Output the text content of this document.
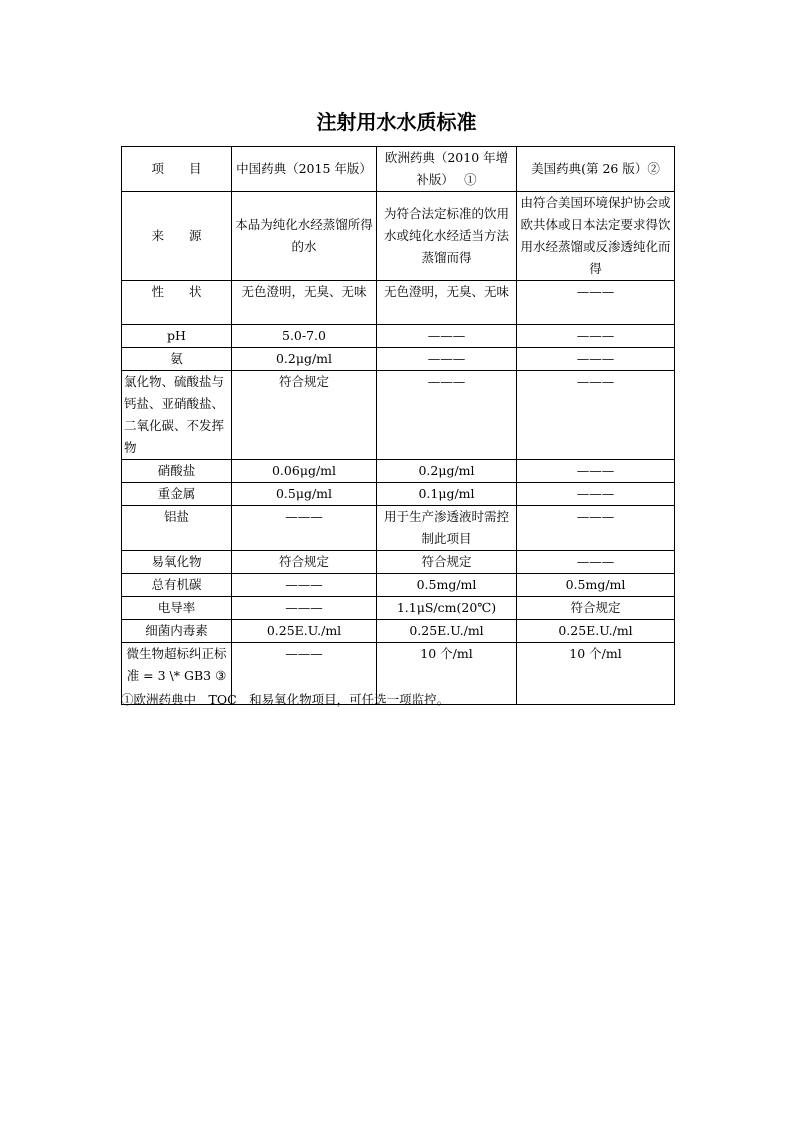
注射用水水质标准
项　　目	中国药典（2015 年版）	欧洲药典（2010 年增补版）　 ①	美国药典(第 26 版）②
来　　源	本品为纯化水经蒸馏所得的水	为符合法定标准的饮用水或纯化水经适当方法蒸馏而得	由符合美国环境保护协会或欧共体或日本法定要求得饮用水经蒸馏或反渗透纯化而得
性　　状	无色澄明，无臭、无味	无色澄明，无臭、无味	———
pH	5.0-7.0	———	———
氨	0.2μg/ml	———	———
氯化物、硫酸盐与钙盐、亚硝酸盐、二氧化碳、不发挥物	符合规定	———	———
硝酸盐	0.06μg/ml	0.2μg/ml	———
重金属	0.5μg/ml	0.1μg/ml	———
铝盐	———	用于生产渗透液时需控制此项目	———
易氧化物	符合规定	符合规定	———
总有机碳	———	0.5mg/ml	0.5mg/ml
电导率	———	1.1μS/cm(20℃)	符合规定
细菌内毒素	0.25E.U./ml	0.25E.U./ml	0.25E.U./ml
微生物超标纠正标准 = 3 \* GB3 ③	———	10 个/ml	10 个/ml
①欧洲药典中　TOC　和易氧化物项目，可任选一项监控。
